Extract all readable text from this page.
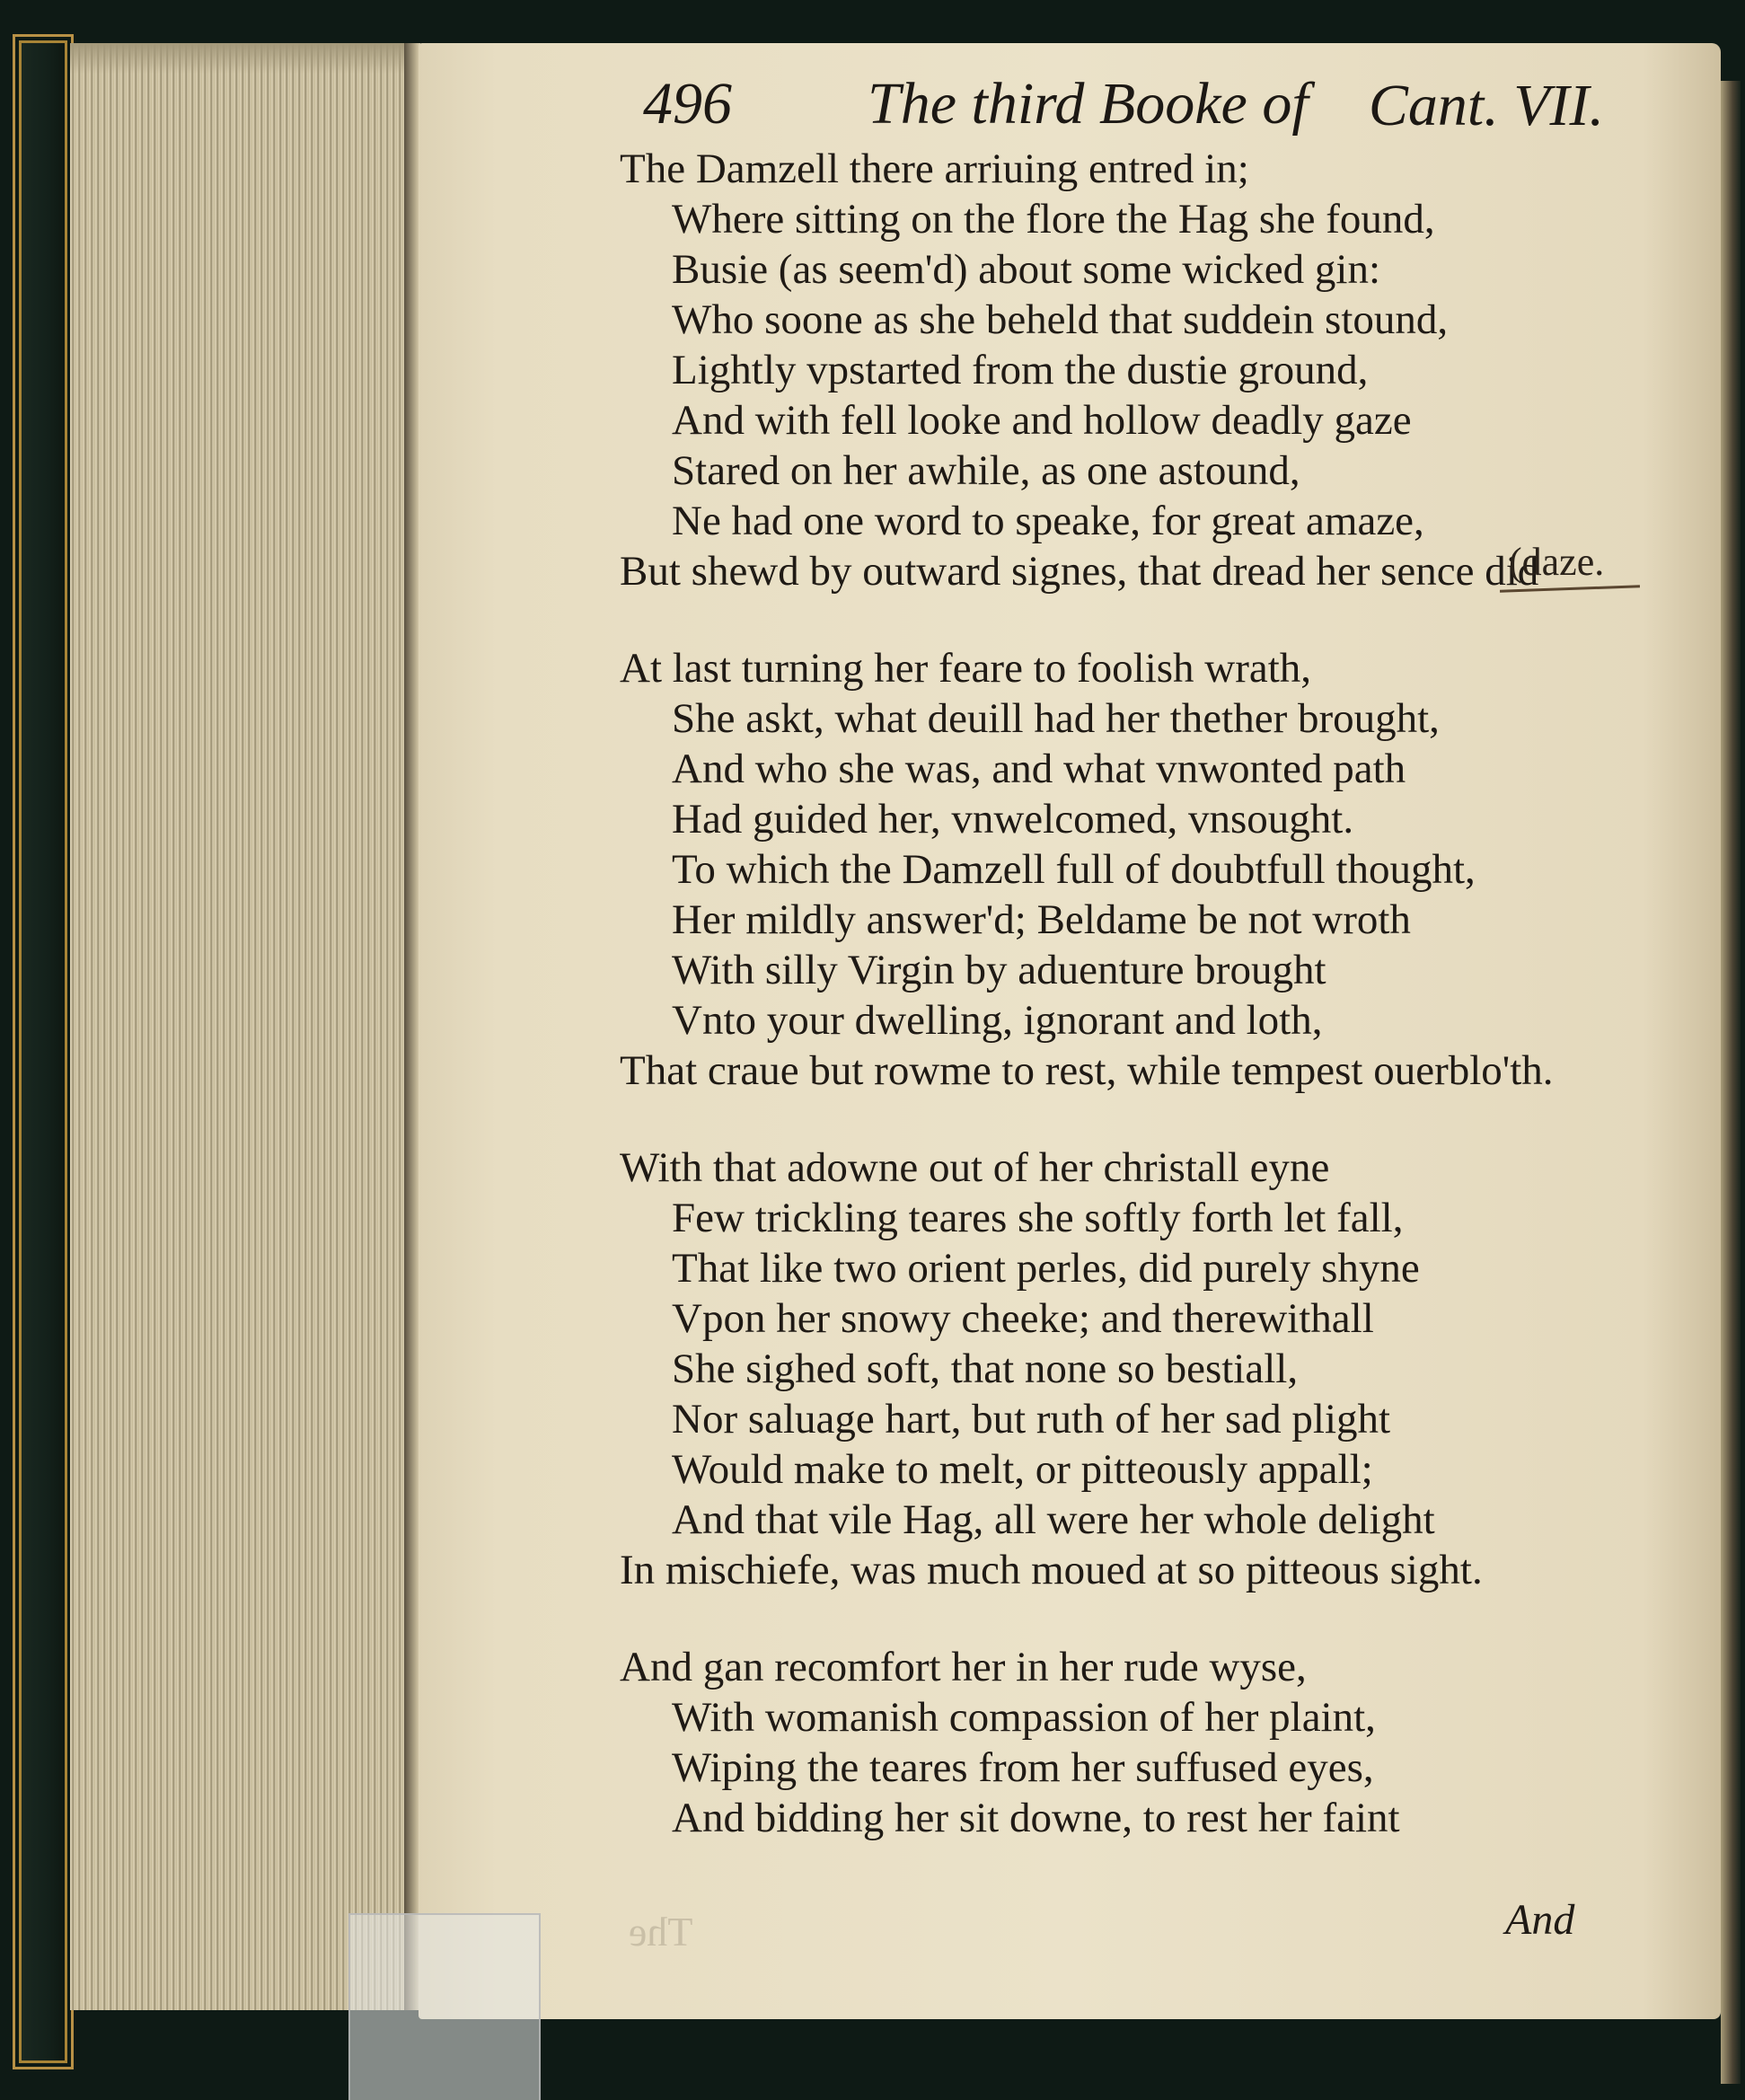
496 The third Booke of Cant. VII.
The Damzell there arriuing entred in;
Where sitting on the flore the Hag she found,
Busie (as seem'd) about some wicked gin:
Who soone as she beheld that suddein stound,
Lightly vpstarted from the dustie ground,
And with fell looke and hollow deadly gaze
Stared on her awhile, as one astound,
Ne had one word to speake, for great amaze,
But shewd by outward signes, that dread her sence did
At last turning her feare to foolish wrath,
She askt, what deuill had her thether brought,
And who she was, and what vnwonted path
Had guided her, vnwelcomed, vnsought.
To which the Damzell full of doubtfull thought,
Her mildly answer'd; Beldame be not wroth
With silly Virgin by aduenture brought
Vnto your dwelling, ignorant and loth,
That craue but rowme to rest, while tempest ouerblo'th.
With that adowne out of her christall eyne
Few trickling teares she softly forth let fall,
That like two orient perles, did purely shyne
Vpon her snowy cheeke; and therewithall
She sighed soft, that none so bestiall,
Nor saluage hart, but ruth of her sad plight
Would make to melt, or pitteously appall;
And that vile Hag, all were her whole delight
In mischiefe, was much moued at so pitteous sight.
And gan recomfort her in her rude wyse,
With womanish compassion of her plaint,
Wiping the teares from her suffused eyes,
And bidding her sit downe, to rest her faint
(daze.
And
The
